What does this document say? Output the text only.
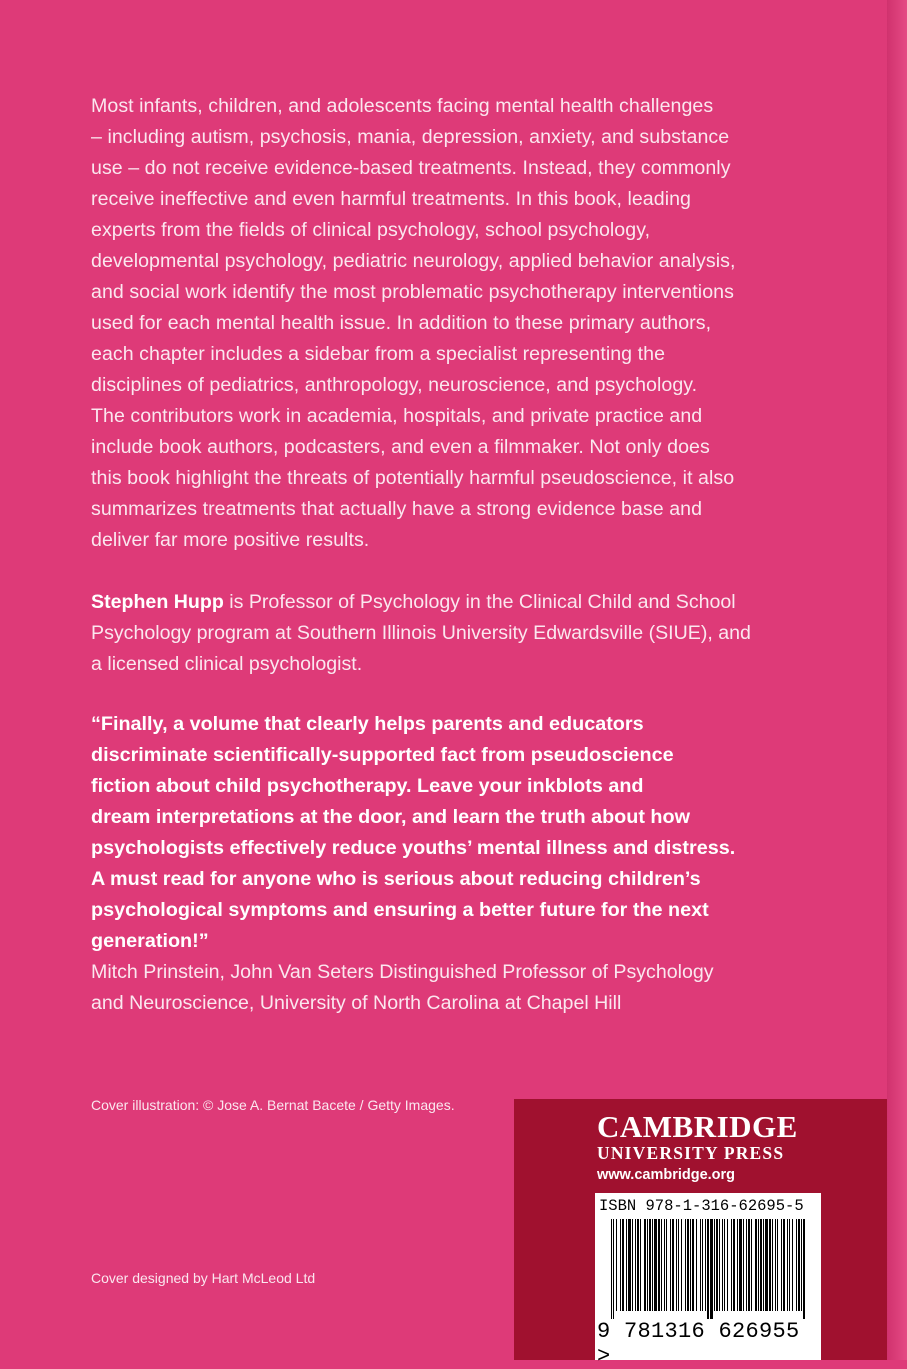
Most infants, children, and adolescents facing mental health challenges
– including autism, psychosis, mania, depression, anxiety, and substance
use – do not receive evidence-based treatments. Instead, they commonly
receive ineffective and even harmful treatments. In this book, leading
experts from the fields of clinical psychology, school psychology,
developmental psychology, pediatric neurology, applied behavior analysis,
and social work identify the most problematic psychotherapy interventions
used for each mental health issue. In addition to these primary authors,
each chapter includes a sidebar from a specialist representing the
disciplines of pediatrics, anthropology, neuroscience, and psychology.
The contributors work in academia, hospitals, and private practice and
include book authors, podcasters, and even a filmmaker. Not only does
this book highlight the threats of potentially harmful pseudoscience, it also
summarizes treatments that actually have a strong evidence base and
deliver far more positive results.

Stephen Hupp is Professor of Psychology in the Clinical Child and School
Psychology program at Southern Illinois University Edwardsville (SIUE), and
a licensed clinical psychologist.

“Finally, a volume that clearly helps parents and educators
discriminate scientifically-supported fact from pseudoscience
fiction about child psychotherapy. Leave your inkblots and
dream interpretations at the door, and learn the truth about how
psychologists effectively reduce youths’ mental illness and distress.
A must read for anyone who is serious about reducing children’s
psychological symptoms and ensuring a better future for the next
generation!”

Mitch Prinstein, John Van Seters Distinguished Professor of Psychology
and Neuroscience, University of North Carolina at Chapel Hill

Cover illustration: © Jose A. Bernat Bacete / Getty Images.
Cover designed by Hart McLeod Ltd
CAMBRIDGE
UNIVERSITY PRESS
www.cambridge.org
ISBN 978-1-316-62695-5
9 781316 626955 >
